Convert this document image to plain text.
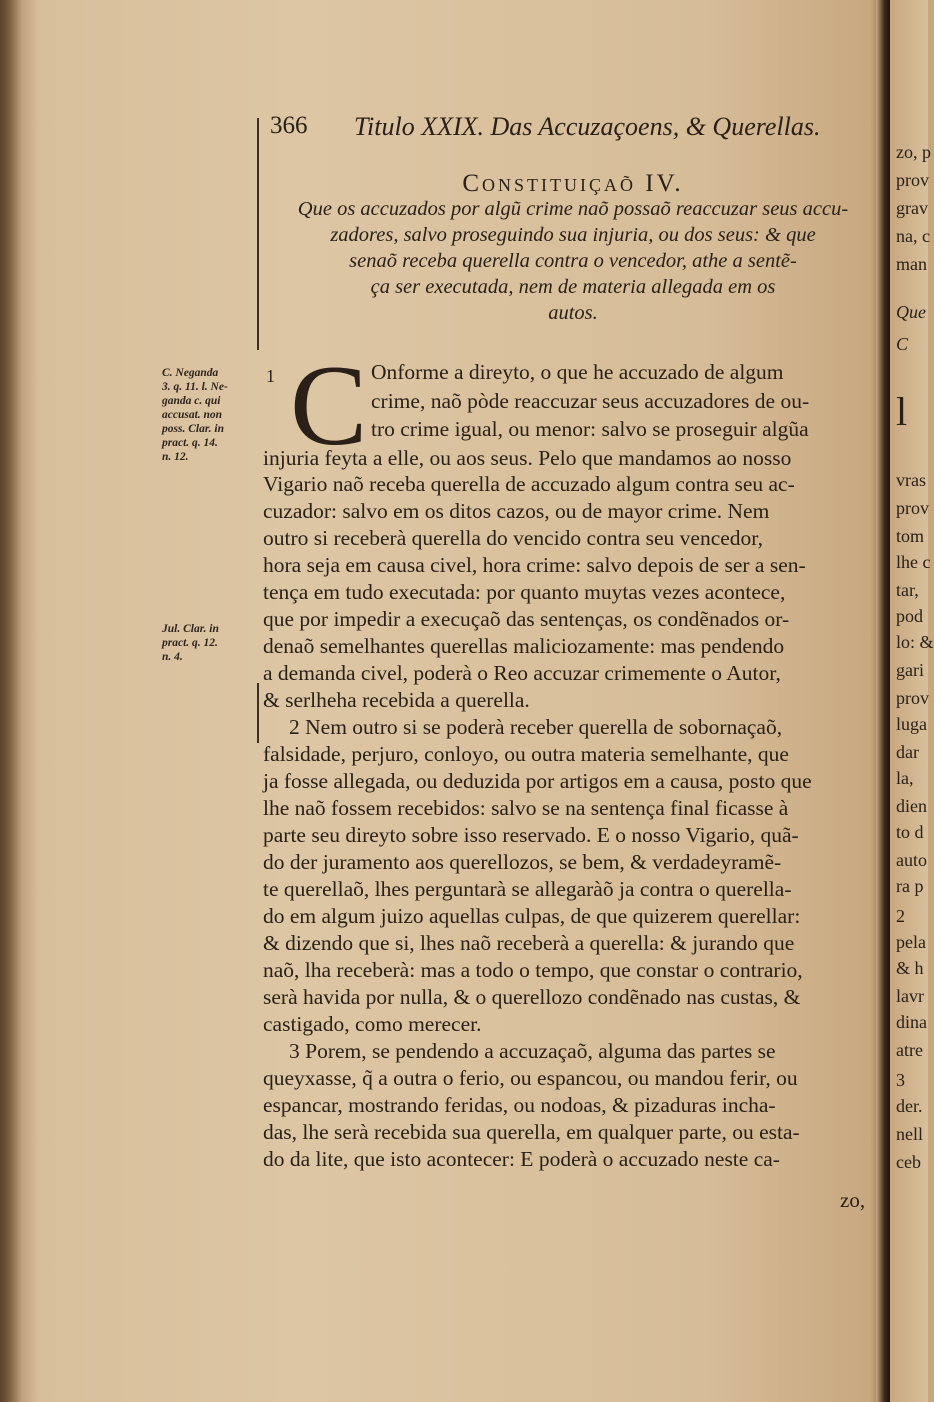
366 Titulo XXIX. Das Accuzaçoens, & Querellas.
Constituiçaõ IV.
Que os accuzados por algũ crime naõ possaõ reaccuzar seus accu-
zadores, salvo proseguindo sua injuria, ou dos seus: & que
senaõ receba querella contra o vencedor, athe a sentẽ-
ça ser executada, nem de materia allegada em os
autos.
C. Neganda
3. q. 11. l. Ne-
ganda c. qui
accusat. non
poss. Clar. in
pract. q. 14.
n. 12.
Jul. Clar. in
pract. q. 12.
n. 4.
1 C Onforme a direyto, o que he accuzado de algum
crime, naõ pòde reaccuzar seus accuzadores de ou-
tro crime igual, ou menor: salvo se proseguir algũa
injuria feyta a elle, ou aos seus. Pelo que mandamos ao nosso
Vigario naõ receba querella de accuzado algum contra seu ac-
cuzador: salvo em os ditos cazos, ou de mayor crime. Nem
outro si receberà querella do vencido contra seu vencedor,
hora seja em causa civel, hora crime: salvo depois de ser a sen-
tença em tudo executada: por quanto muytas vezes acontece,
que por impedir a execuçaõ das sentenças, os condẽnados or-
denaõ semelhantes querellas maliciozamente: mas pendendo
a demanda civel, poderà o Reo accuzar crimemente o Autor,
& serlheha recebida a querella.
2 Nem outro si se poderà receber querella de sobornaçaõ,
falsidade, perjuro, conloyo, ou outra materia semelhante, que
ja fosse allegada, ou deduzida por artigos em a causa, posto que
lhe naõ fossem recebidos: salvo se na sentença final ficasse à
parte seu direyto sobre isso reservado. E o nosso Vigario, quã-
do der juramento aos querellozos, se bem, & verdadeyramẽ-
te querellaõ, lhes perguntarà se allegaràõ ja contra o querella-
do em algum juizo aquellas culpas, de que quizerem querellar:
& dizendo que si, lhes naõ receberà a querella: & jurando que
naõ, lha receberà: mas a todo o tempo, que constar o contrario,
serà havida por nulla, & o querellozo condẽnado nas custas, &
castigado, como merecer.
3 Porem, se pendendo a accuzaçaõ, alguma das partes se
queyxasse, q̃ a outra o ferio, ou espancou, ou mandou ferir, ou
espancar, mostrando feridas, ou nodoas, & pizaduras incha-
das, lhe serà recebida sua querella, em qualquer parte, ou esta-
do da lite, que isto acontecer: E poderà o accuzado neste ca-
zo,
zo, p
prov
grav
na, c
man
Que
C
l
vras
prov
tom
lhe c
tar,
pod
lo: &
gari
prov
luga
dar
la,
dien
to d
auto
ra p
2
pela
& h
lavr
dina
atre
3
der.
nell
ceb
